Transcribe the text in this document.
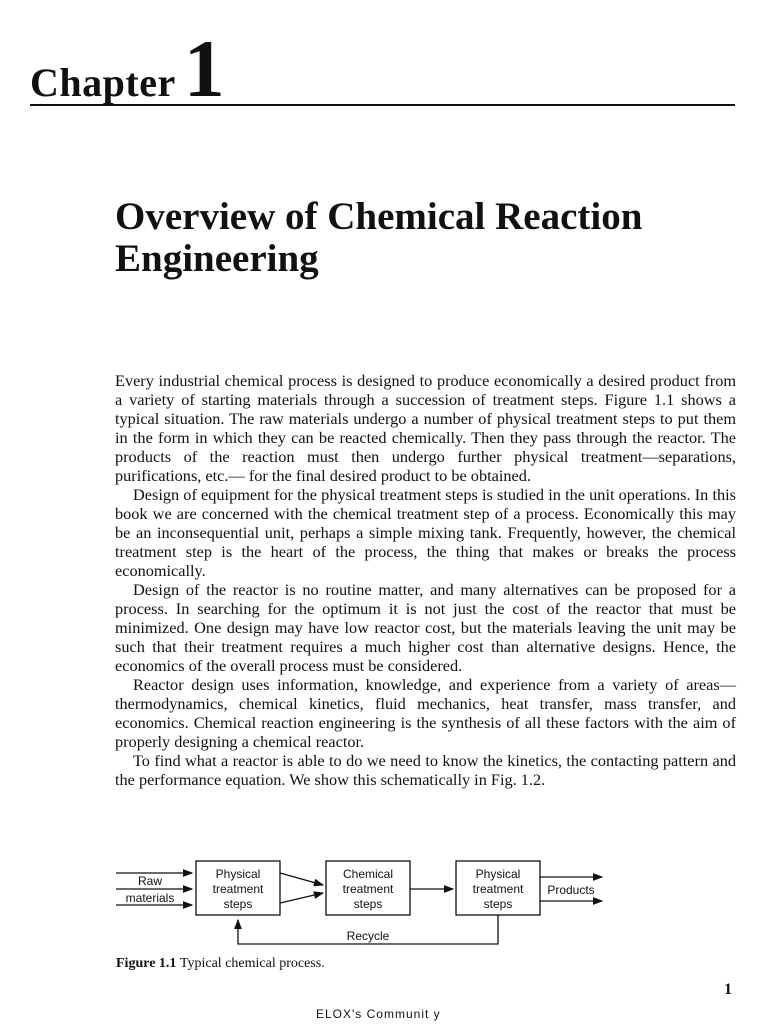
Chapter1
Overview of Chemical Reaction
Engineering

Every industrial chemical process is designed to produce economically a desired product from a variety of starting materials through a succession of treatment steps. Figure 1.1 shows a typical situation. The raw materials undergo a number of physical treatment steps to put them in the form in which they can be reacted chemically. Then they pass through the reactor. The products of the reaction must then undergo further physical treatment—separations, purifications, etc.— for the final desired product to be obtained.

Design of equipment for the physical treatment steps is studied in the unit operations. In this book we are concerned with the chemical treatment step of a process. Economically this may be an inconsequential unit, perhaps a simple mixing tank. Frequently, however, the chemical treatment step is the heart of the process, the thing that makes or breaks the process economically.

Design of the reactor is no routine matter, and many alternatives can be proposed for a process. In searching for the optimum it is not just the cost of the reactor that must be minimized. One design may have low reactor cost, but the materials leaving the unit may be such that their treatment requires a much higher cost than alternative designs. Hence, the economics of the overall process must be considered.

Reactor design uses information, knowledge, and experience from a variety of areas—thermodynamics, chemical kinetics, fluid mechanics, heat transfer, mass transfer, and economics. Chemical reaction engineering is the synthesis of all these factors with the aim of properly designing a chemical reactor.

To find what a reactor is able to do we need to know the kinetics, the contacting pattern and the performance equation. We show this schematically in Fig. 1.2.

Raw
materials
Physical
treatment
steps
Chemical
treatment
steps
Physical
treatment
steps
Products
Recycle
Figure 1.1 Typical chemical process.
1
ELOX's Communit y
